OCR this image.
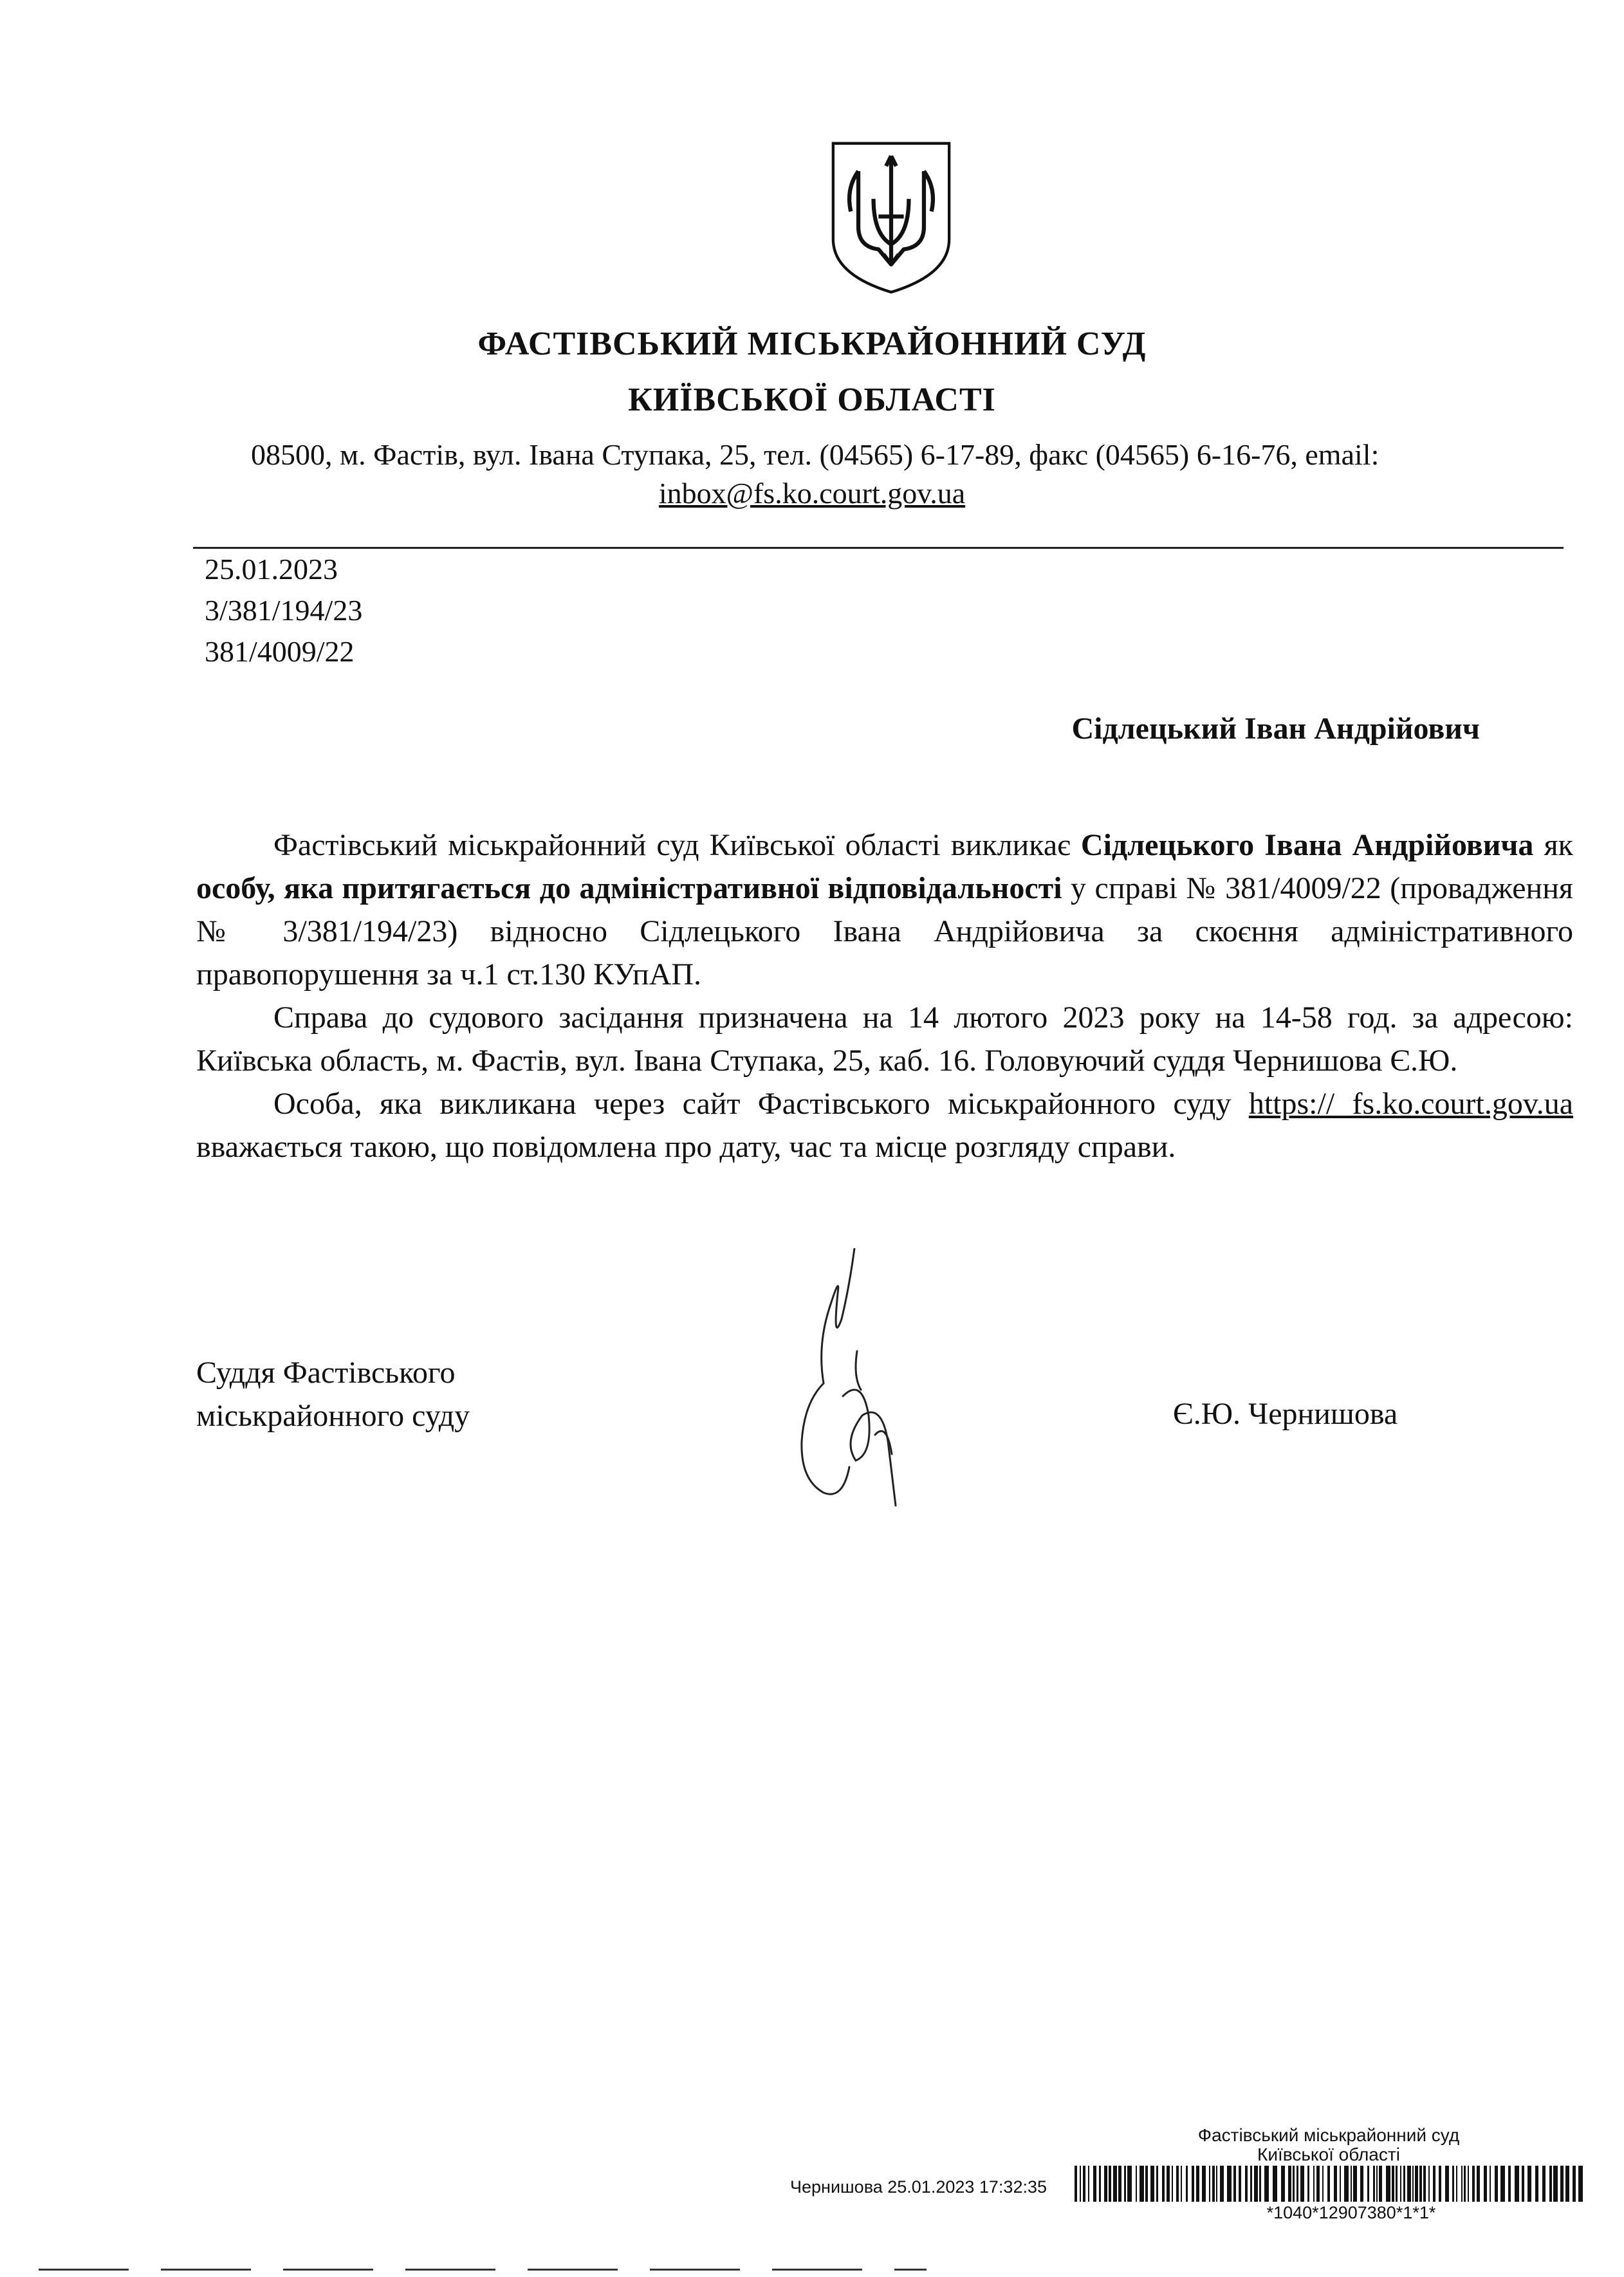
ФАСТІВСЬКИЙ МІСЬКРАЙОННИЙ СУД
КИЇВСЬКОЇ ОБЛАСТІ
08500, м. Фастів, вул. Івана Ступака, 25, тел. (04565) 6-17-89, факс (04565) 6-16-76, email:
inbox@fs.ko.court.gov.ua
25.01.2023
3/381/194/23
381/4009/22
Сідлецький Іван Андрійович

Фастівський міськрайонний суд Київської області викликає Сідлецького Івана Андрійовича як особу, яка притягається до адміністративної відповідальності у справі № 381/4009/22 (провадження № 3/381/194/23) відносно Сідлецького Івана Андрійовича за скоєння адміністративного правопорушення за ч.1 ст.130 КУпАП.

Справа до судового засідання призначена на 14 лютого 2023 року на 14-58 год. за адресою: Київська область, м. Фастів, вул. Івана Ступака, 25, каб. 16. Головуючий суддя Чернишова Є.Ю.

Особа, яка викликана через сайт Фастівського міськрайонного суду https:// fs.ko.court.gov.ua вважається такою, що повідомлена про дату, час та місце розгляду справи.

Суддя Фастівського
міськрайонного суду	Є.Ю. Чернишова
Фастівський міськрайонний суд
Київської області
Чернишова 25.01.2023 17:32:35
*1040*12907380*1*1*
